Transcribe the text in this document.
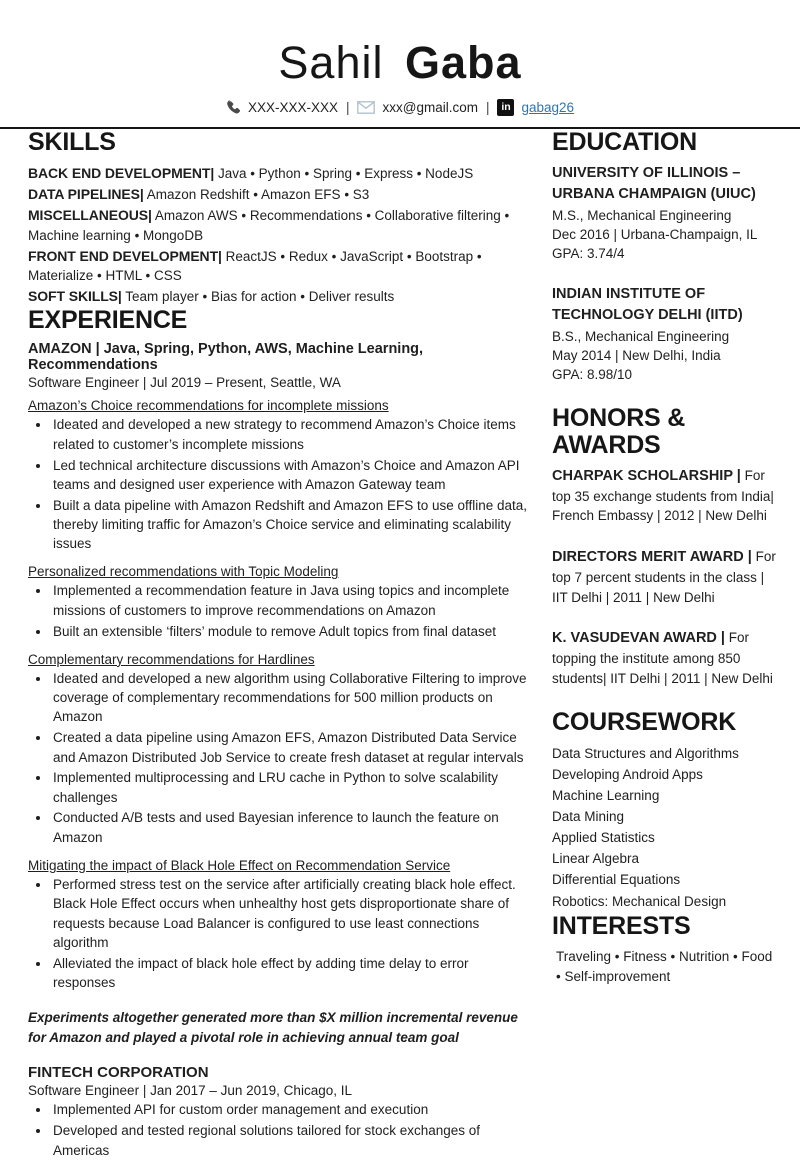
Sahil Gaba
XXX-XXX-XXX | xxx@gmail.com |	in gabag26
SKILLS

BACK END DEVELOPMENT| Java • Python • Spring • Express • NodeJS

DATA PIPELINES| Amazon Redshift • Amazon EFS • S3

MISCELLANEOUS| Amazon AWS • Recommendations • Collaborative filtering • Machine learning • MongoDB

FRONT END DEVELOPMENT| ReactJS • Redux • JavaScript • Bootstrap • Materialize • HTML • CSS

SOFT SKILLS| Team player • Bias for action • Deliver results

EXPERIENCE

AMAZON | Java, Spring, Python, AWS, Machine Learning, Recommendations

Software Engineer | Jul 2019 – Present, Seattle, WA

Amazon’s Choice recommendations for incomplete missions

• Ideated and developed a new strategy to recommend Amazon’s Choice items related to customer’s incomplete missions
• Led technical architecture discussions with Amazon’s Choice and Amazon API teams and designed user experience with Amazon Gateway team
• Built a data pipeline with Amazon Redshift and Amazon EFS to use offline data, thereby limiting traffic for Amazon’s Choice service and eliminating scalability issues

Personalized recommendations with Topic Modeling

• Implemented a recommendation feature in Java using topics and incomplete missions of customers to improve recommendations on Amazon
• Built an extensible ‘filters’ module to remove Adult topics from final dataset

Complementary recommendations for Hardlines

• Ideated and developed a new algorithm using Collaborative Filtering to improve coverage of complementary recommendations for 500 million products on Amazon
• Created a data pipeline using Amazon EFS, Amazon Distributed Data Service and Amazon Distributed Job Service to create fresh dataset at regular intervals
• Implemented multiprocessing and LRU cache in Python to solve scalability challenges
• Conducted A/B tests and used Bayesian inference to launch the feature on Amazon

Mitigating the impact of Black Hole Effect on Recommendation Service

• Performed stress test on the service after artificially creating black hole effect. Black Hole Effect occurs when unhealthy host gets disproportionate share of requests because Load Balancer is configured to use least connections algorithm
• Alleviated the impact of black hole effect by adding time delay to error responses

Experiments altogether generated more than $X million incremental revenue for Amazon and played a pivotal role in achieving annual team goal

FINTECH CORPORATION

Software Engineer | Jan 2017 – Jun 2019, Chicago, IL

• Implemented API for custom order management and execution
• Developed and tested regional solutions tailored for stock exchanges of Americas
EDUCATION

UNIVERSITY OF ILLINOIS – URBANA CHAMPAIGN (UIUC)

M.S., Mechanical Engineering

Dec 2016 | Urbana-Champaign, IL

GPA: 3.74/4

INDIAN INSTITUTE OF TECHNOLOGY DELHI (IITD)

B.S., Mechanical Engineering

May 2014 | New Delhi, India

GPA: 8.98/10

HONORS & AWARDS

CHARPAK SCHOLARSHIP | For top 35 exchange students from India| French Embassy | 2012 | New Delhi

DIRECTORS MERIT AWARD | For top 7 percent students in the class | IIT Delhi | 2011 | New Delhi

K. VASUDEVAN AWARD | For topping the institute among 850 students| IIT Delhi | 2011 | New Delhi

COURSEWORK

Data Structures and Algorithms

Developing Android Apps

Machine Learning

Data Mining

Applied Statistics

Linear Algebra

Differential Equations

Robotics: Mechanical Design

INTERESTS

Traveling • Fitness • Nutrition • Food • Self-improvement
